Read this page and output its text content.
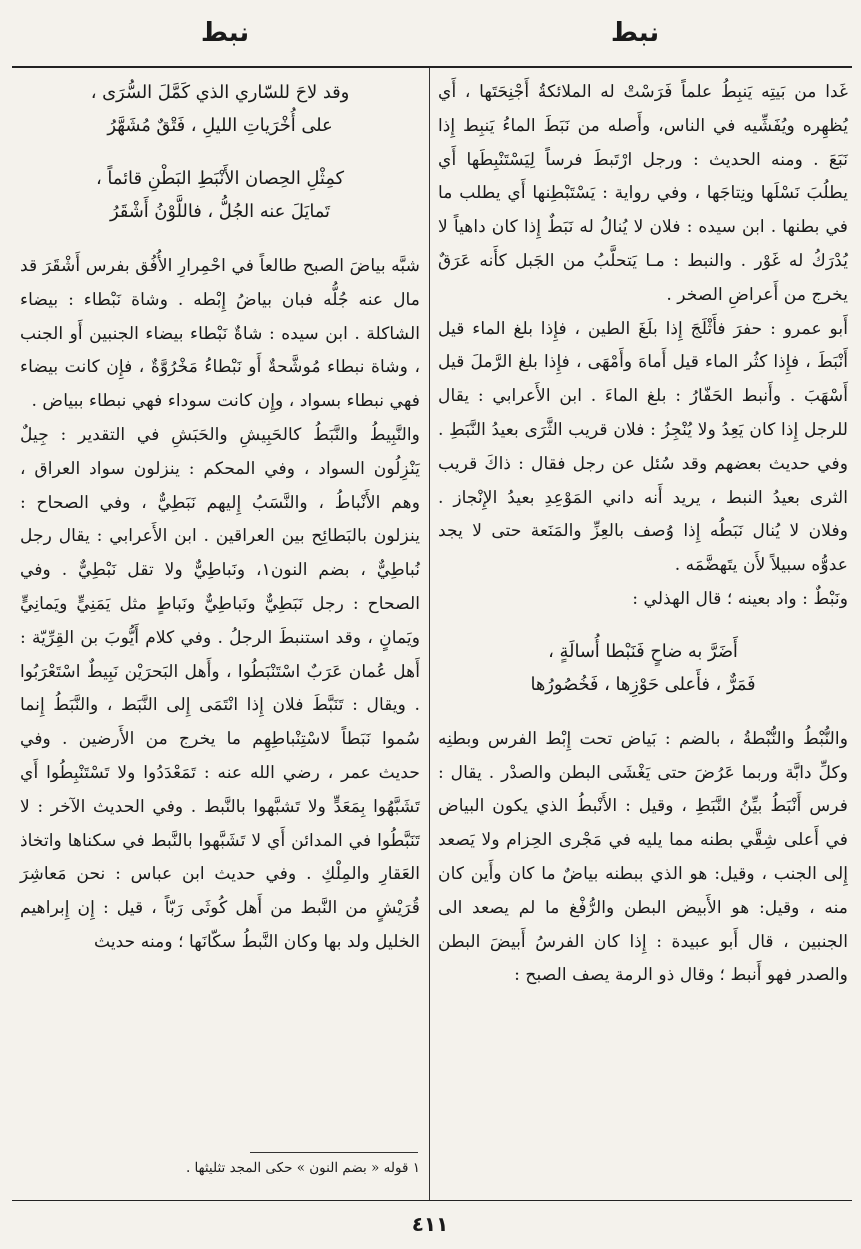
نبط
نبط

غَدا من بَيتِه يَنبِطُ علماً فَرَسْتْ له الملائكةُ أَجْنِحَتَها ، أَي يُظهِره ويُفَشِّيه في الناس، وأَصله من نَبَطَ الماءُ يَنبِط إِذا نَبَعَ . ومنه الحديث : ورجل ارْتَبطَ فرساً لِيَسْتَنْبِطَها أَي يطلُبَ نَسْلَها ونِتاجَها ، وفي رواية : يَسْتَبْطِنها أَي يطلب ما في بطنها . ابن سيده : فلان لا يُنالُ له نَبَطٌ إِذا كان داهياً لا يُدْرَكُ له غَوْر . والنبط : مـا يَتحلَّبُ من الجَبل كأَنه عَرَقٌ يخرج من أَعراضِ الصخر .

أَبو عمرو : حفرَ فأَثْلَجَ إِذا بلَغَ الطين ، فإِذا بلغ الماء قيل أَنْبَطَ ، فإِذا كثُر الماء قيل أَماهَ وأَمْهَى ، فإِذا بلغ الرَّملَ قيل أَسْهَبَ . وأَنبط الحَفّارُ : بلغ الماءَ . ابن الأَعرابي : يقال للرجل إِذا كان يَعِدُ ولا يُنْجِزُ : فلان قريب الثَّرَى بعيدُ النَّبَطِ . وفي حديث بعضهم وقد سُئل عن رجل فقال : ذاكَ قريب الثرى بعيدُ النبط ، يريد أَنه داني المَوْعِدِ بعيدُ الإِنْجاز . وفلان لا يُنال نَبَطُه إِذا وُصف بالعِزِّ والمَنَعة حتى لا يجد عدوُّه سبيلاً لأَن يتَهضَّمَه .

ونَبْطٌ : واد بعينه ؛ قال الهذلي :

أَضَرَّ به ضاحٍ فَنَبْطا أُسالَةٍ ،

فَمَرٌّ ، فأَعلى حَوْزِها ، فَخُصُورُها

والنُّبْطُ والنُّبْطةُ ، بالضم : بَياض تحت إِبْط الفرس وبطنِه وكلِّ دابَّة وربما عَرُضَ حتى يَغْشَى البطن والصدْر . يقال : فرس أَنْبَطُ بيِّنُ النَّبَطِ ، وقيل : الأَنْبطُ الذي يكون البياض في أَعلى شِقَّي بطنه مما يليه في مَجْرى الحِزام ولا يَصعد إِلى الجنب ، وقيل: هو الذي ببطنه بياضٌ ما كان وأَين كان منه ، وقيل: هو الأَبيض البطن والرُّفْغ ما لم يصعد الى الجنبين ، قال أَبو عبيدة : إِذا كان الفرسُ أَبيضَ البطن والصدر فهو أَنبط ؛ وقال ذو الرمة يصف الصبح :

وقد لاحَ للسّاري الذي كَمَّلَ السُّرَى ،

على أُخْرَياتِ الليلِ ، فَتْقٌ مُشَهَّرُ

كمِثْلِ الحِصان الأَنْبَطِ البَطْنِ قائماً ،

تَمايَلَ عنه الجُلُّ ، فاللَّوْنُ أَشْقَرُ

شبَّه بياضَ الصبح طالعاً في احْمِرارِ الأُفُق بفرس أَشْقَرَ قد مال عنه جُلُّه فبان بياضُ إِبْطه . وشاة نَبْطاء : بيضاء الشاكلة . ابن سيده : شاةٌ نَبْطاء بيضاء الجنبين أَو الجنب ، وشاة نبطاء مُوشَّحةٌ أَو نَبْطاءُ مَخْرُوَّةٌ ، فإِن كانت بيضاء فهي نبطاء بسواد ، وإِن كانت سوداء فهي نبطاء ببياض .

والنَّبِيطُ والنَّبَطُ كالحَبِيشِ والحَبَشِ في التقدير : جِيلٌ يَنْزِلُون السواد ، وفي المحكم : ينزلون سواد العراق ، وهم الأَنْباطُ ، والنَّسَبُ إِليهم نَبَطِيٌّ ، وفي الصحاح : ينزلون بالبَطائِح بين العراقين . ابن الأَعرابي : يقال رجل نُباطِيٌّ ، بضم النون١، ونَباطِيٌّ ولا تقل نَبْطِيٌّ . وفي الصحاح : رجل نَبَطِيٌّ ونَباطِيٌّ ونَباطٍ مثل يَمَنِيٍّ ويَمانِيٍّ ويَمانٍ ، وقد استنبطَ الرجلُ . وفي كلام أَيُّوبَ بن القِرِّيّة : أَهل عُمان عَرَبٌ اسْتَنْبَطُوا ، وأَهل البَحرَيْن نَبِيطٌ اسْتَعْرَبُوا . ويقال : تَنَبَّطَ فلان إِذا انْتَمَى إِلى النَّبَط ، والنَّبَطُ إِنما سُموا نَبَطاً لاسْتِنْباطِهِم ما يخرج من الأَرضين . وفي حديث عمر ، رضي الله عنه : تَمَعْدَدُوا ولا تَسْتَنْبِطُوا أَي تَشَبَّهُوا بِمَعَدٍّ ولا تَشبَّهوا بالنَّبط . وفي الحديث الآخر : لا تَنَبَّطُوا في المدائن أَي لا تَشَبَّهوا بالنَّبط في سكناها واتخاذ العَقارِ والمِلْكِ . وفي حديث ابن عباس : نحن مَعاشِرَ قُرَيْشٍ من النَّبط من أَهل كُوثَى رَبّاً ، قيل : إِن إِبراهيم الخليل ولد بها وكان النَّبطُ سكّانَها ؛ ومنه حديث

١ قوله « بضم النون » حكى المجد تثليثها .
٤١١
